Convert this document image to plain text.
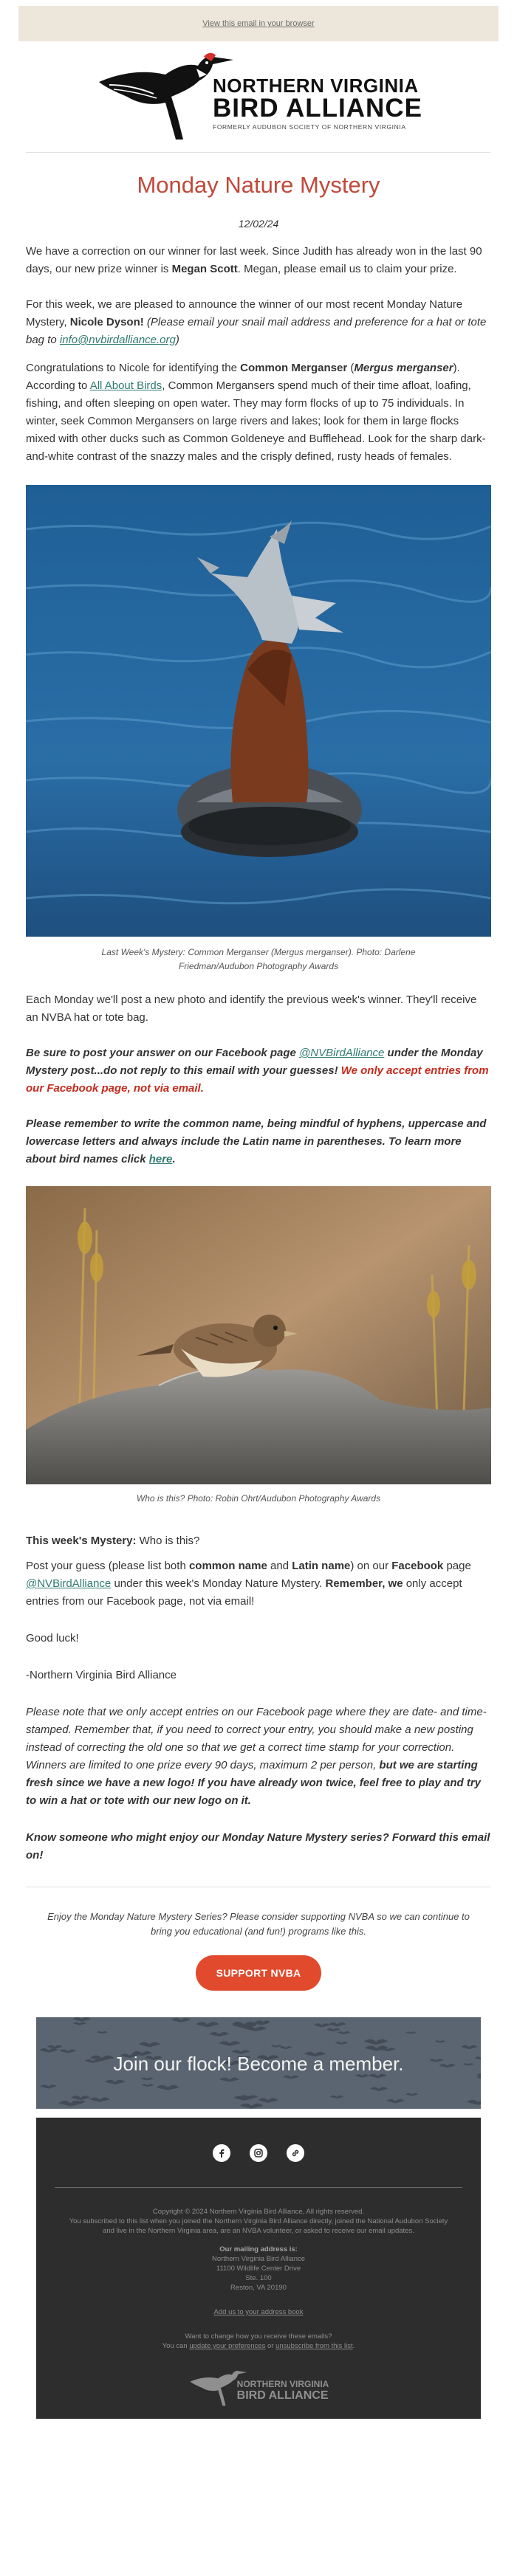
View this email in your browser
NORTHERN VIRGINIA
BIRD ALLIANCE
FORMERLY AUDUBON SOCIETY OF NORTHERN VIRGINIA
Monday Nature Mystery
12/02/24

We have a correction on our winner for last week. Since Judith has already won in the last 90 days, our new prize winner is Megan Scott. Megan, please email us to claim your prize.

For this week, we are pleased to announce the winner of our most recent Monday Nature Mystery, Nicole Dyson! (Please email your snail mail address and preference for a hat or tote bag to info@nvbirdalliance.org)

Congratulations to Nicole for identifying the Common Merganser (Mergus merganser). According to All About Birds, Common Mergansers spend much of their time afloat, loafing, fishing, and often sleeping on open water. They may form flocks of up to 75 individuals. In winter, seek Common Mergansers on large rivers and lakes; look for them in large flocks mixed with other ducks such as Common Goldeneye and Bufflehead. Look for the sharp dark-and-white contrast of the snazzy males and the crisply defined, rusty heads of females.

Last Week's Mystery: Common Merganser (Mergus merganser). Photo: Darlene
Friedman/Audubon Photography Awards

Each Monday we'll post a new photo and identify the previous week's winner. They'll receive an NVBA hat or tote bag.

Be sure to post your answer on our Facebook page @NVBirdAlliance under the Monday Mystery post...do not reply to this email with your guesses! We only accept entries from our Facebook page, not via email.

Please remember to write the common name, being mindful of hyphens, uppercase and lowercase letters and always include the Latin name in parentheses. To learn more about bird names click here.

Who is this? Photo: Robin Ohrt/Audubon Photography Awards

This week's Mystery: Who is this?

Post your guess (please list both common name and Latin name) on our Facebook page @NVBirdAlliance under this week's Monday Nature Mystery. Remember, we only accept entries from our Facebook page, not via email!

Good luck!

-Northern Virginia Bird Alliance

Please note that we only accept entries on our Facebook page where they are date- and time-stamped. Remember that, if you need to correct your entry, you should make a new posting instead of correcting the old one so that we get a correct time stamp for your correction. Winners are limited to one prize every 90 days, maximum 2 per person, but we are starting fresh since we have a new logo! If you have already won twice, feel free to play and try to win a hat or tote with our new logo on it.

Know someone who might enjoy our Monday Nature Mystery series? Forward this email on!

Enjoy the Monday Nature Mystery Series? Please consider supporting NVBA so we can continue to bring you educational (and fun!) programs like this.
SUPPORT NVBA
Join our flock! Become a member.
Copyright © 2024 Northern Virginia Bird Alliance, All rights reserved.
You subscribed to this list when you joined the Northern Virginia Bird Alliance directly, joined the National Audubon Society and live in the Northern Virginia area, are an NVBA volunteer, or asked to receive our email updates.
Our mailing address is:
Northern Virginia Bird Alliance
11100 Wildlife Center Drive
Ste. 100
Reston, VA 20190
Add us to your address book
Want to change how you receive these emails?
You can update your preferences or unsubscribe from this list.
NORTHERN VIRGINIA
BIRD ALLIANCE
